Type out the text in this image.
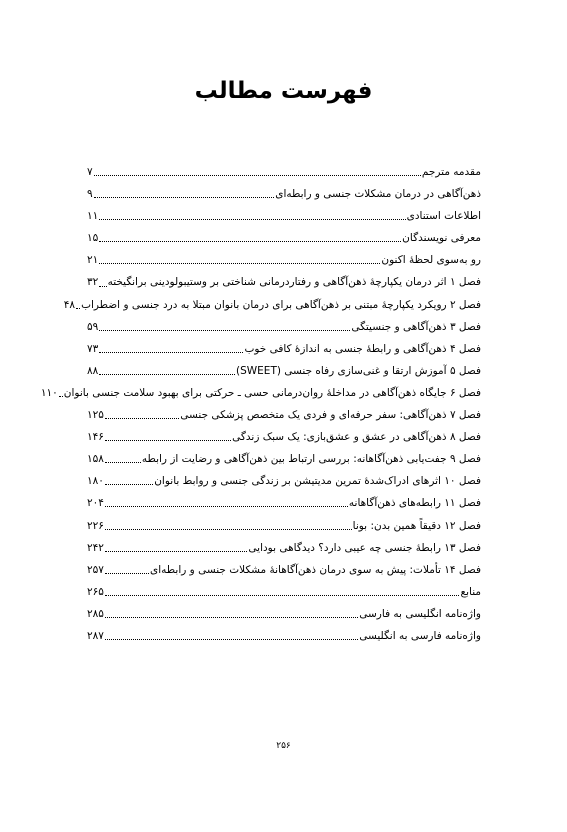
فهرست مطالب
مقدمه مترجم
۷
ذهن‌آگاهی در درمان مشکلات جنسی و رابطه‌ای
۹
اطلاعات استنادی
۱۱
معرفی نویسندگان
۱۵
رو به‌سوی لحظهٔ اکنون
۲۱
فصل ۱ اثر درمان یکپارچهٔ ذهن‌آگاهی و رفتاردرمانی شناختی بر وستیبولودینی برانگیخته
۳۲
فصل ۲ رویکرد یکپارچهٔ مبتنی بر ذهن‌آگاهی برای درمان بانوان مبتلا به درد جنسی و اضطراب
۴۸
فصل ۳ ذهن‌آگاهی و جنسیتگی
۵۹
فصل ۴ ذهن‌آگاهی و رابطهٔ جنسی به اندازهٔ کافی خوب
۷۳
فصل ۵ آموزش ارتقا و غنی‌سازی رفاه جنسی (SWEET)
۸۸
فصل ۶ جایگاه ذهن‌آگاهی در مداخلهٔ روان‌درمانی حسی ـ حرکتی برای بهبود سلامت جنسی بانوان
۱۱۰
فصل ۷ ذهن‌آگاهی: سفر حرفه‌ای و فردی یک متخصص پزشکی جنسی
۱۲۵
فصل ۸ ذهن‌آگاهی در عشق و عشق‌بازی: یک سبک زندگی
۱۴۶
فصل ۹ جفت‌یابی ذهن‌آگاهانه: بررسی ارتباط بین ذهن‌آگاهی و رضایت از رابطه
۱۵۸
فصل ۱۰ اثرهای ادراک‌شدهٔ تمرین مدیتیشن بر زندگی جنسی و روابط بانوان
۱۸۰
فصل ۱۱ رابطه‌های ذهن‌آگاهانه
۲۰۴
فصل ۱۲ دقیقاً همین بدن: بونا
۲۲۶
فصل ۱۳ رابطهٔ جنسی چه عیبی دارد؟ دیدگاهی بودایی
۲۴۲
فصل ۱۴ تأملات: پیش به سوی درمان ذهن‌آگاهانهٔ مشکلات جنسی و رابطه‌ای
۲۵۷
منابع
۲۶۵
واژه‌نامه انگلیسی به فارسی
۲۸۵
واژه‌نامه فارسی به انگلیسی
۲۸۷
۲۵۶
